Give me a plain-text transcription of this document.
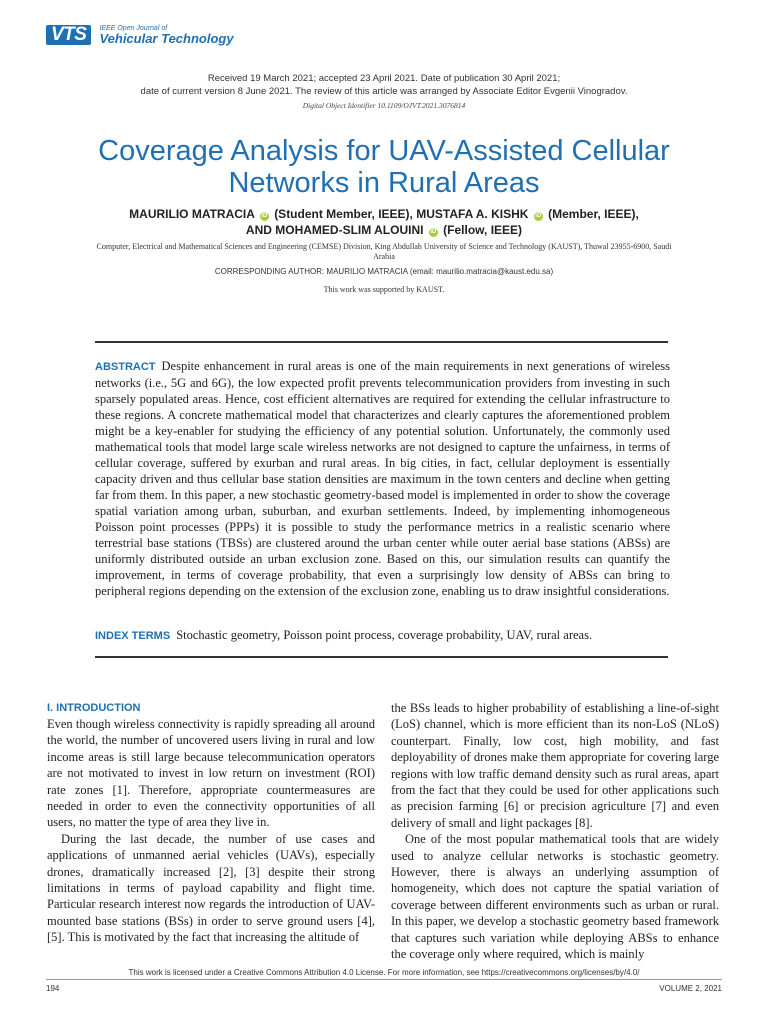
VTS	IEEE Open Journal of
Vehicular Technology
Received 19 March 2021; accepted 23 April 2021. Date of publication 30 April 2021;
date of current version 8 June 2021. The review of this article was arranged by Associate Editor Evgenii Vinogradov.
Digital Object Identifier 10.1109/OJVT.2021.3076814
Coverage Analysis for UAV-Assisted Cellular Networks in Rural Areas
MAURILIO MATRACIA iD (Student Member, IEEE), MUSTAFA A. KISHK iD (Member, IEEE),
AND MOHAMED-SLIM ALOUINI iD (Fellow, IEEE)
Computer, Electrical and Mathematical Sciences and Engineering (CEMSE) Division, King Abdullah University of Science and Technology (KAUST), Thuwal 23955-6900, Saudi Arabia
CORRESPONDING AUTHOR: MAURILIO MATRACIA (email: maurilio.matracia@kaust.edu.sa)
This work was supported by KAUST.
ABSTRACT Despite enhancement in rural areas is one of the main requirements in next generations of wireless networks (i.e., 5G and 6G), the low expected profit prevents telecommunication providers from investing in such sparsely populated areas. Hence, cost efficient alternatives are required for extending the cellular infrastructure to these regions. A concrete mathematical model that characterizes and clearly captures the aforementioned problem might be a key-enabler for studying the efficiency of any potential solution. Unfortunately, the commonly used mathematical tools that model large scale wireless networks are not designed to capture the unfairness, in terms of cellular coverage, suffered by exurban and rural areas. In big cities, in fact, cellular deployment is essentially capacity driven and thus cellular base station densities are maximum in the town centers and decline when getting far from them. In this paper, a new stochastic geometry-based model is implemented in order to show the coverage spatial variation among urban, suburban, and exurban settlements. Indeed, by implementing inhomogeneous Poisson point processes (PPPs) it is possible to study the performance metrics in a realistic scenario where terrestrial base stations (TBSs) are clustered around the urban center while outer aerial base stations (ABSs) are uniformly distributed outside an urban exclusion zone. Based on this, our simulation results can quantify the improvement, in terms of coverage probability, that even a surprisingly low density of ABSs can bring to peripheral regions depending on the extension of the exclusion zone, enabling us to draw insightful considerations.
INDEX TERMS Stochastic geometry, Poisson point process, coverage probability, UAV, rural areas.
I. INTRODUCTION

Even though wireless connectivity is rapidly spreading all around the world, the number of uncovered users living in rural and low income areas is still large because telecommunication operators are not motivated to invest in low return on investment (ROI) rate zones [1]. Therefore, appropriate countermeasures are needed in order to even the connectivity opportunities of all users, no matter the type of area they live in.

During the last decade, the number of use cases and applications of unmanned aerial vehicles (UAVs), especially drones, dramatically increased [2], [3] despite their strong limitations in terms of payload capability and flight time. Particular research interest now regards the introduction of UAV-mounted base stations (BSs) in order to serve ground users [4], [5]. This is motivated by the fact that increasing the altitude of

the BSs leads to higher probability of establishing a line-of-sight (LoS) channel, which is more efficient than its non-LoS (NLoS) counterpart. Finally, low cost, high mobility, and fast deployability of drones make them appropriate for covering large regions with low traffic demand density such as rural areas, apart from the fact that they could be used for other applications such as precision farming [6] or precision agriculture [7] and even delivery of small and light packages [8].

One of the most popular mathematical tools that are widely used to analyze cellular networks is stochastic geometry. However, there is always an underlying assumption of homogeneity, which does not capture the spatial variation of coverage between different environments such as urban or rural. In this paper, we develop a stochastic geometry based framework that captures such variation while deploying ABSs to enhance the coverage only where required, which is mainly

This work is licensed under a Creative Commons Attribution 4.0 License. For more information, see https://creativecommons.org/licenses/by/4.0/
194	VOLUME 2, 2021
